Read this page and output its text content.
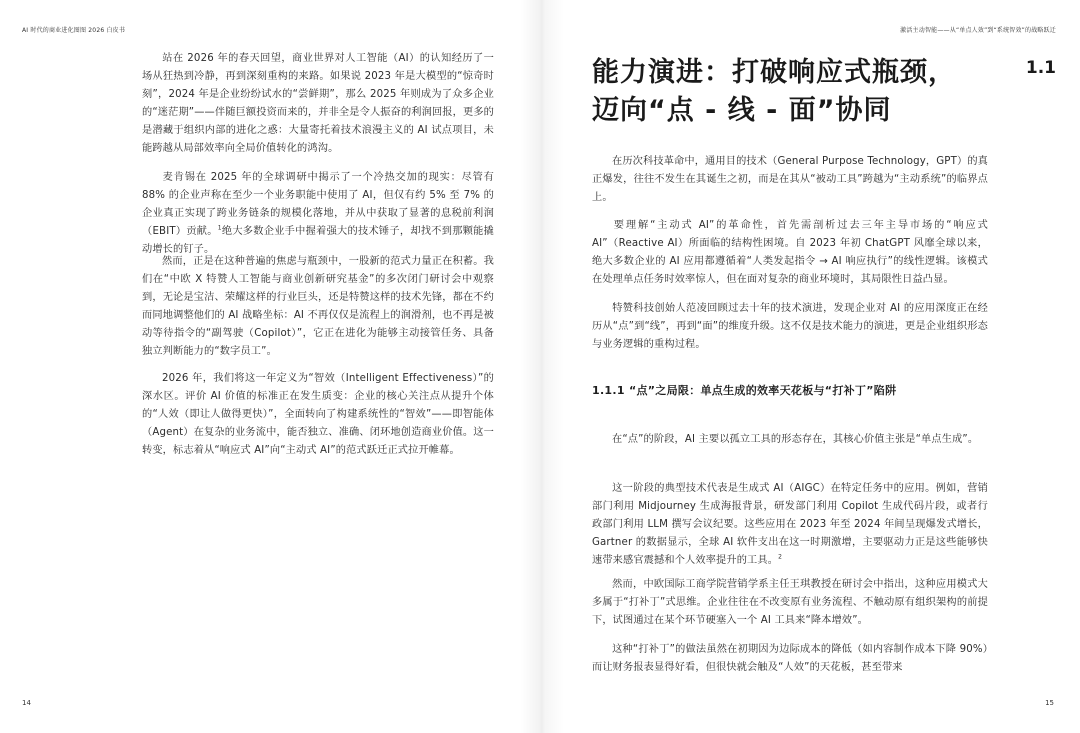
AI 时代的商业进化图图 2026 白皮书

站在 2026 年的春天回望，商业世界对人工智能（AI）的认知经历了一场从狂热到冷静，再到深刻重构的来路。如果说 2023 年是大模型的“惊奇时刻”，2024 年是企业纷纷试水的“尝鲜期”，那么 2025 年则成为了众多企业的“迷茫期”——伴随巨额投资而来的，并非全是令人振奋的利润回报，更多的是潜藏于组织内部的进化之惑：大量寄托着技术浪漫主义的 AI 试点项目，未能跨越从局部效率向全局价值转化的鸿沟。

麦肯锡在 2025 年的全球调研中揭示了一个冷热交加的现实：尽管有 88% 的企业声称在至少一个业务职能中使用了 AI，但仅有约 5% 至 7% 的企业真正实现了跨业务链条的规模化落地，并从中获取了显著的息税前利润（EBIT）贡献。$^1$绝大多数企业手中握着强大的技术锤子，却找不到那颗能撬动增长的钉子。

然而，正是在这种普遍的焦虑与瓶颈中，一股新的范式力量正在积蓄。我们在“中欧 X 特赞人工智能与商业创新研究基金”的多次闭门研讨会中观察到，无论是宝洁、荣耀这样的行业巨头，还是特赞这样的技术先锋，都在不约而同地调整他们的 AI 战略坐标：AI 不再仅仅是流程上的润滑剂，也不再是被动等待指令的“副驾驶（Copilot）”，它正在进化为能够主动接管任务、具备独立判断能力的“数字员工”。

2026 年，我们将这一年定义为“智效（Intelligent Effectiveness）”的深水区。评价 AI 价值的标准正在发生质变：企业的核心关注点从提升个体的“人效（即让人做得更快）”，全面转向了构建系统性的“智效”——即智能体（Agent）在复杂的业务流中，能否独立、准确、闭环地创造商业价值。这一转变，标志着从“响应式 AI”向“主动式 AI”的范式跃迁正式拉开帷幕。

14
激活主动智能——从“单点人效”到“系统智效”的战略跃迁
能力演进：打破响应式瓶颈，
迈向“点 - 线 - 面”协同
1.1

在历次科技革命中，通用目的技术（General Purpose Technology，GPT）的真正爆发，往往不发生在其诞生之初，而是在其从“被动工具”跨越为“主动系统”的临界点上。

要理解“主动式 AI”的革命性，首先需剖析过去三年主导市场的“响应式 AI”（Reactive AI）所面临的结构性困境。自 2023 年初 ChatGPT 风靡全球以来，绝大多数企业的 AI 应用都遵循着“人类发起指令 → AI 响应执行”的线性逻辑。该模式在处理单点任务时效率惊人，但在面对复杂的商业环境时，其局限性日益凸显。

特赞科技创始人范凌回顾过去十年的技术演进，发现企业对 AI 的应用深度正在经历从“点”到“线”，再到“面”的维度升级。这不仅是技术能力的演进，更是企业组织形态与业务逻辑的重构过程。

1.1.1 “点”之局限：单点生成的效率天花板与“打补丁”陷阱

在“点”的阶段，AI 主要以孤立工具的形态存在，其核心价值主张是“单点生成”。

这一阶段的典型技术代表是生成式 AI（AIGC）在特定任务中的应用。例如，营销部门利用 Midjourney 生成海报背景，研发部门利用 Copilot 生成代码片段，或者行政部门利用 LLM 撰写会议纪要。这些应用在 2023 年至 2024 年间呈现爆发式增长，Gartner 的数据显示，全球 AI 软件支出在这一时期激增，主要驱动力正是这些能够快速带来感官震撼和个人效率提升的工具。$^2$

然而，中欧国际工商学院营销学系主任王琪教授在研讨会中指出，这种应用模式大多属于“打补丁”式思维。企业往往在不改变原有业务流程、不触动原有组织架构的前提下，试图通过在某个环节硬塞入一个 AI 工具来“降本增效”。

这种“打补丁”的做法虽然在初期因为边际成本的降低（如内容制作成本下降 90%）而让财务报表显得好看，但很快就会触及“人效”的天花板，甚至带来

15
